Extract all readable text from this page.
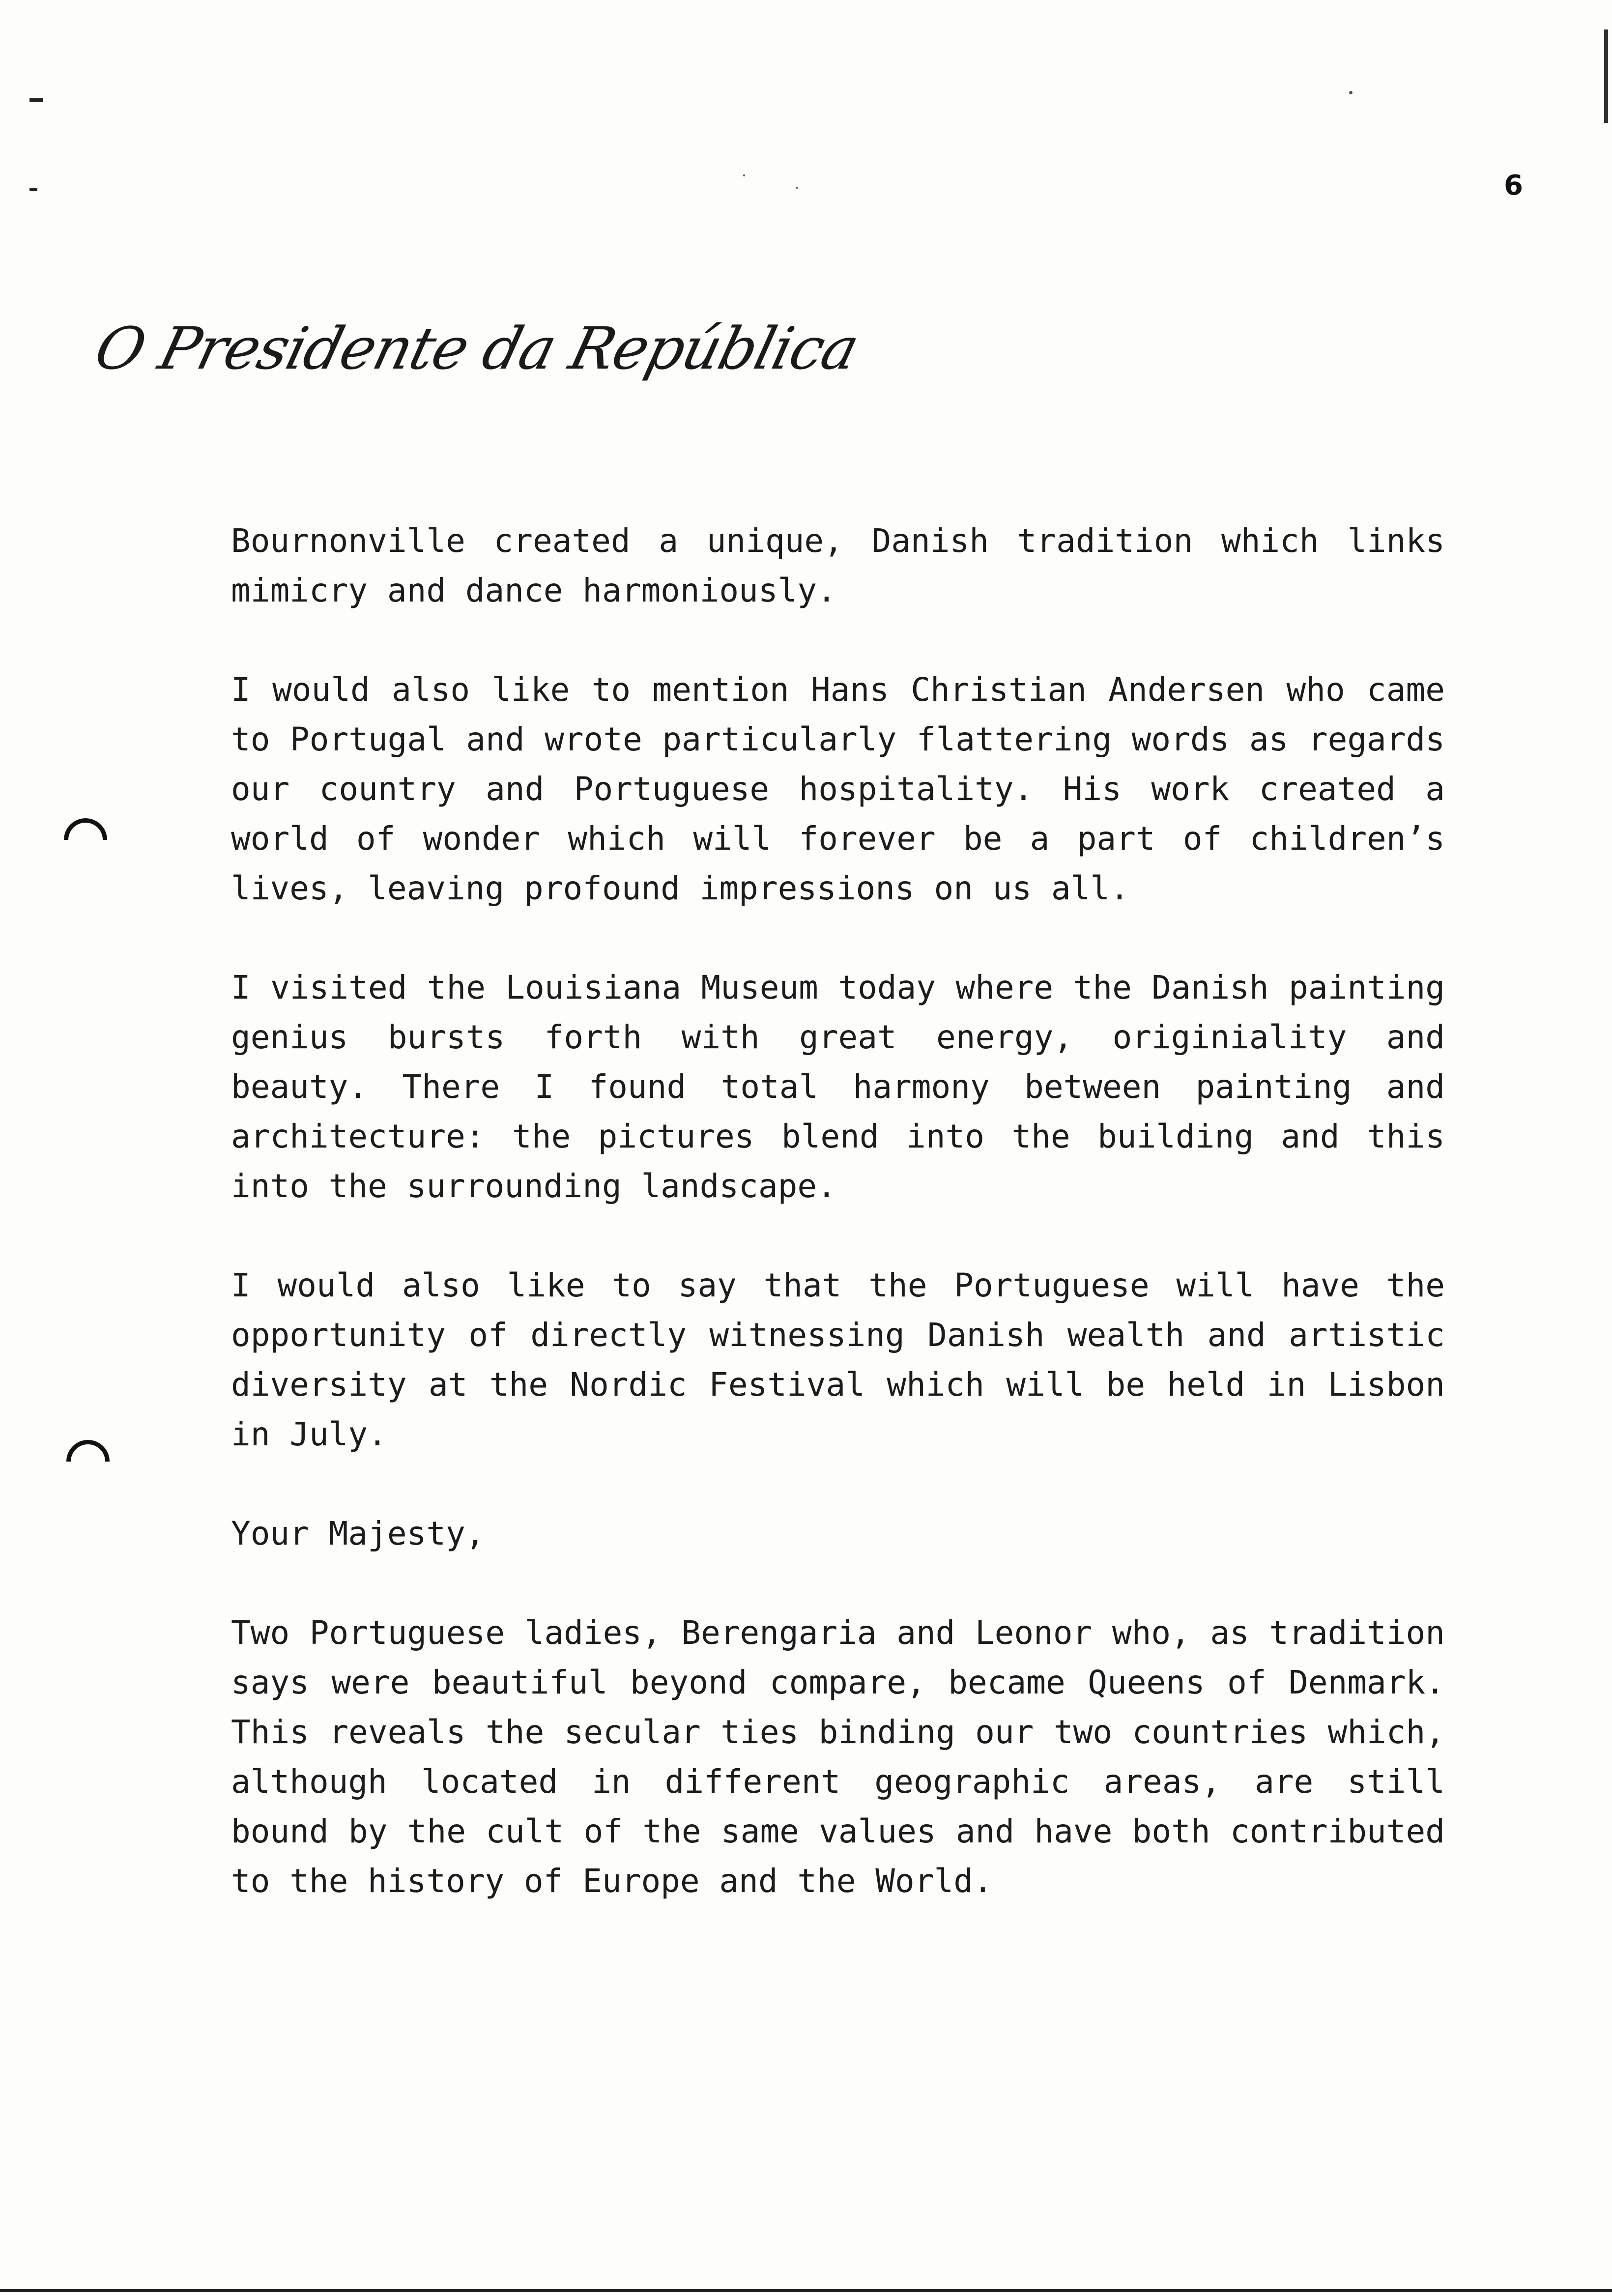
6
O Presidente da República

Bournonville created a unique, Danish tradition which links mimicry and dance harmoniously.

I would also like to mention Hans Christian Andersen who came to Portugal and wrote particularly flattering words as regards our country and Portuguese hospitality. His work created a world of wonder which will forever be a part of children’s lives, leaving profound impressions on us all.

I visited the Louisiana Museum today where the Danish painting genius bursts forth with great energy, originiality and beauty. There I found total harmony between painting and architecture: the pictures blend into the building and this into the surrounding landscape.

I would also like to say that the Portuguese will have the opportunity of directly witnessing Danish wealth and artistic diversity at the Nordic Festival which will be held in Lisbon in July.

Your Majesty,

Two Portuguese ladies, Berengaria and Leonor who, as tradition says were beautiful beyond compare, became Queens of Denmark. This reveals the secular ties binding our two countries which, although located in different geographic areas, are still bound by the cult of the same values and have both contributed to the history of Europe and the World.
